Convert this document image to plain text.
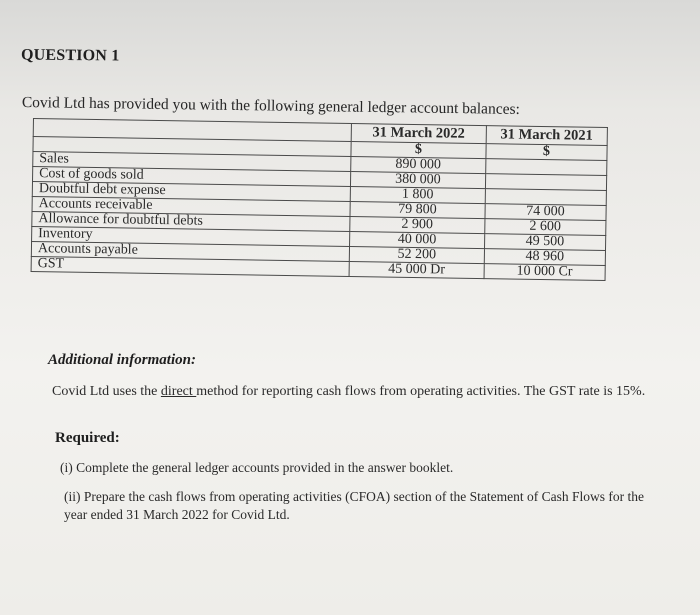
QUESTION 1
Covid Ltd has provided you with the following general ledger account balances:
	31 March 2022	31 March 2021
	$	$
Sales	890 000	
Cost of goods sold	380 000	
Doubtful debt expense	1 800	
Accounts receivable	79 800	74 000
Allowance for doubtful debts	2 900	2 600
Inventory	40 000	49 500
Accounts payable	52 200	48 960
GST	45 000 Dr	10 000 Cr
Additional information:
Covid Ltd uses the direct method for reporting cash flows from operating activities. The GST rate is 15%.
Required:
(i) Complete the general ledger accounts provided in the answer booklet.
(ii) Prepare the cash flows from operating activities (CFOA) section of the Statement of Cash Flows for the year ended 31 March 2022 for Covid Ltd.
